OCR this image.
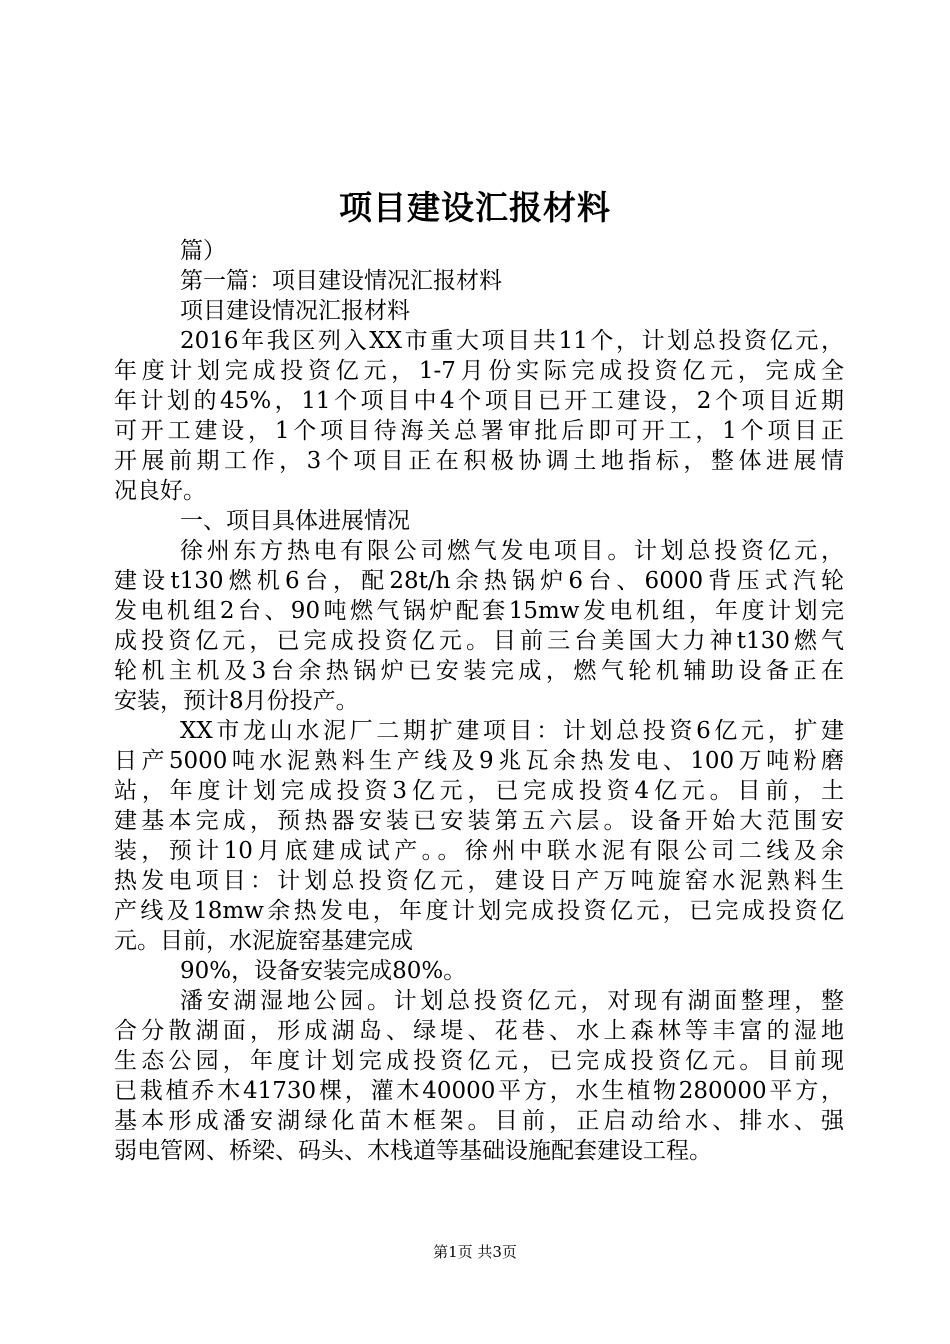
项目建设汇报材料
篇）
第一篇：项目建设情况汇报材料
项目建设情况汇报材料
2016年我区列入XX市重大项目共11个，计划总投资亿元，
年度计划完成投资亿元，1-7月份实际完成投资亿元，完成全
年计划的45%，11个项目中4个项目已开工建设，2个项目近期
可开工建设，1个项目待海关总署审批后即可开工，1个项目正
开展前期工作，3个项目正在积极协调土地指标，整体进展情
况良好。
一、项目具体进展情况
徐州东方热电有限公司燃气发电项目。计划总投资亿元，
建设t130燃机6台，配28t/h余热锅炉6台、6000背压式汽轮
发电机组2台、90吨燃气锅炉配套15mw发电机组，年度计划完
成投资亿元，已完成投资亿元。目前三台美国大力神t130燃气
轮机主机及3台余热锅炉已安装完成，燃气轮机辅助设备正在
安装，预计8月份投产。
XX市龙山水泥厂二期扩建项目：计划总投资6亿元，扩建
日产5000吨水泥熟料生产线及9兆瓦余热发电、100万吨粉磨
站，年度计划完成投资3亿元，已完成投资4亿元。目前，土
建基本完成，预热器安装已安装第五六层。设备开始大范围安
装，预计10月底建成试产。。徐州中联水泥有限公司二线及余
热发电项目：计划总投资亿元，建设日产万吨旋窑水泥熟料生
产线及18mw余热发电，年度计划完成投资亿元，已完成投资亿
元。目前，水泥旋窑基建完成
90%，设备安装完成80%。
潘安湖湿地公园。计划总投资亿元，对现有湖面整理，整
合分散湖面，形成湖岛、绿堤、花巷、水上森林等丰富的湿地
生态公园，年度计划完成投资亿元，已完成投资亿元。目前现
已栽植乔木41730棵，灌木40000平方，水生植物280000平方，
基本形成潘安湖绿化苗木框架。目前，正启动给水、排水、强
弱电管网、桥梁、码头、木栈道等基础设施配套建设工程。
第1页 共3页
